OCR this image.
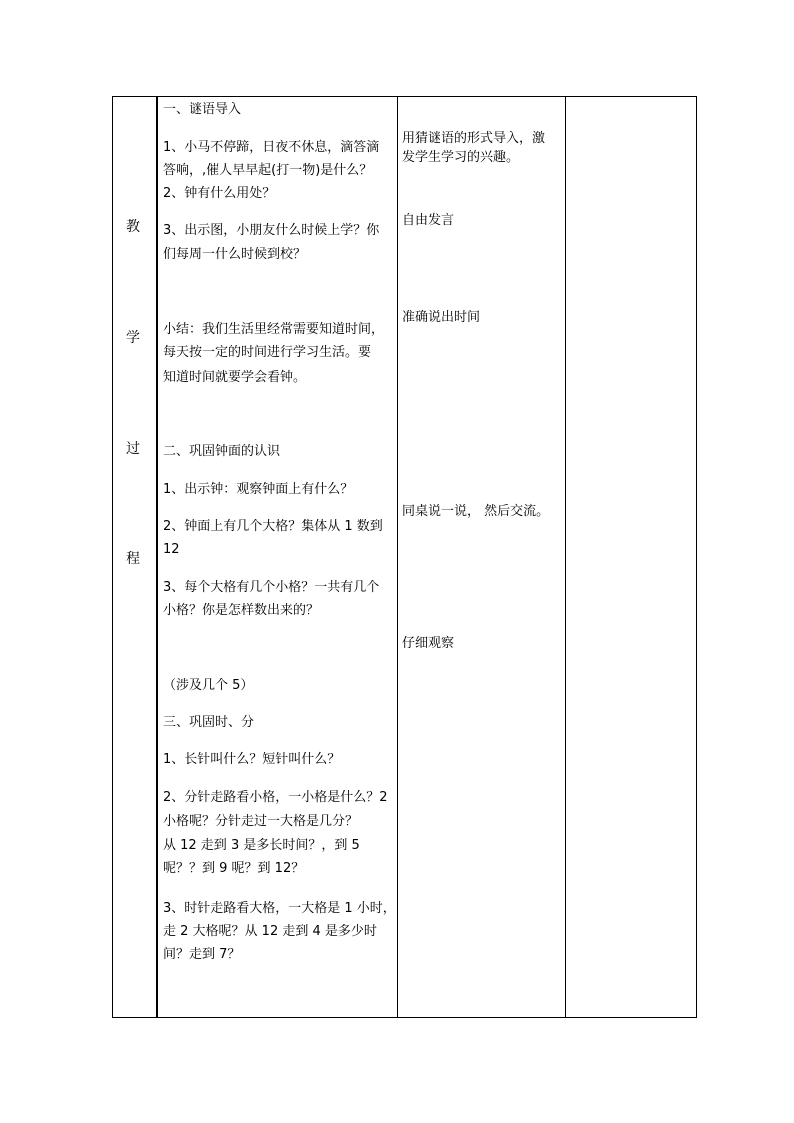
教
学
过
程
一、谜语导入
1、小马不停蹄，日夜不休息，滴答滴
答响，,催人早早起(打一物)是什么？
2、钟有什么用处？
3、出示图，小朋友什么时候上学？你
们每周一什么时候到校？
小结：我们生活里经常需要知道时间，
每天按一定的时间进行学习生活。要
知道时间就要学会看钟。
二、巩固钟面的认识
1、出示钟：观察钟面上有什么？
2、钟面上有几个大格？集体从 1 数到
12
3、每个大格有几个小格？一共有几个
小格？你是怎样数出来的？
（涉及几个 5）
三、巩固时、分
1、长针叫什么？短针叫什么？
2、分针走路看小格，一小格是什么？2
小格呢？分针走过一大格是几分？
从 12 走到 3 是多长时间？，到 5
呢？？到 9 呢？到 12？
3、时针走路看大格，一大格是 1 小时，
走 2 大格呢？从 12 走到 4 是多少时
间？走到 7？
用猜谜语的形式导入，激
发学生学习的兴趣。
自由发言
准确说出时间
同桌说一说， 然后交流。
仔细观察
